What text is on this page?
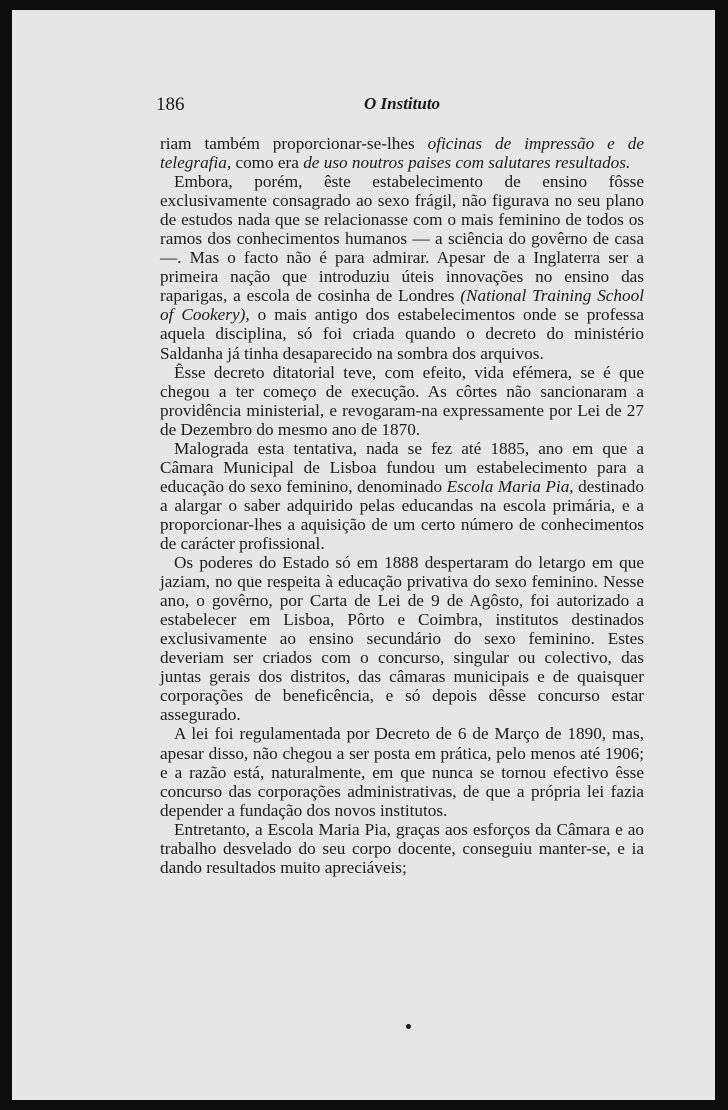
186	O Instituto

riam também proporcionar-se-lhes oficinas de impressão e de telegrafia, como era de uso noutros paises com salutares resultados.

Embora, porém, êste estabelecimento de ensino fôsse exclusivamente consagrado ao sexo frágil, não figurava no seu plano de estudos nada que se relacionasse com o mais feminino de todos os ramos dos conhecimentos humanos — a sciência do govêrno de casa —. Mas o facto não é para admirar. Apesar de a Inglaterra ser a primeira nação que introduziu úteis innovações no ensino das raparigas, a escola de cosinha de Londres (National Training School of Cookery), o mais antigo dos estabelecimentos onde se professa aquela disciplina, só foi criada quando o decreto do ministério Saldanha já tinha desaparecido na sombra dos arquivos.

Êsse decreto ditatorial teve, com efeito, vida efémera, se é que chegou a ter começo de execução. As côrtes não sancionaram a providência ministerial, e revogaram-na expressamente por Lei de 27 de Dezembro do mesmo ano de 1870.

Malograda esta tentativa, nada se fez até 1885, ano em que a Câmara Municipal de Lisboa fundou um estabelecimento para a educação do sexo feminino, denominado Escola Maria Pia, destinado a alargar o saber adquirido pelas educandas na escola primária, e a proporcionar-lhes a aquisição de um certo número de conhecimentos de carácter profissional.

Os poderes do Estado só em 1888 despertaram do letargo em que jaziam, no que respeita à educação privativa do sexo feminino. Nesse ano, o govêrno, por Carta de Lei de 9 de Agôsto, foi autorizado a estabelecer em Lisboa, Pôrto e Coimbra, institutos destinados exclusivamente ao ensino secundário do sexo feminino. Estes deveriam ser criados com o concurso, singular ou colectivo, das juntas gerais dos distritos, das câmaras municipais e de quaisquer corporações de beneficência, e só depois dêsse concurso estar assegurado.

A lei foi regulamentada por Decreto de 6 de Março de 1890, mas, apesar disso, não chegou a ser posta em prática, pelo menos até 1906; e a razão está, naturalmente, em que nunca se tornou efectivo êsse concurso das corporações administrativas, de que a própria lei fazia depender a fundação dos novos institutos.

Entretanto, a Escola Maria Pia, graças aos esforços da Câmara e ao trabalho desvelado do seu corpo docente, conseguiu manter-se, e ia dando resultados muito apreciáveis;
